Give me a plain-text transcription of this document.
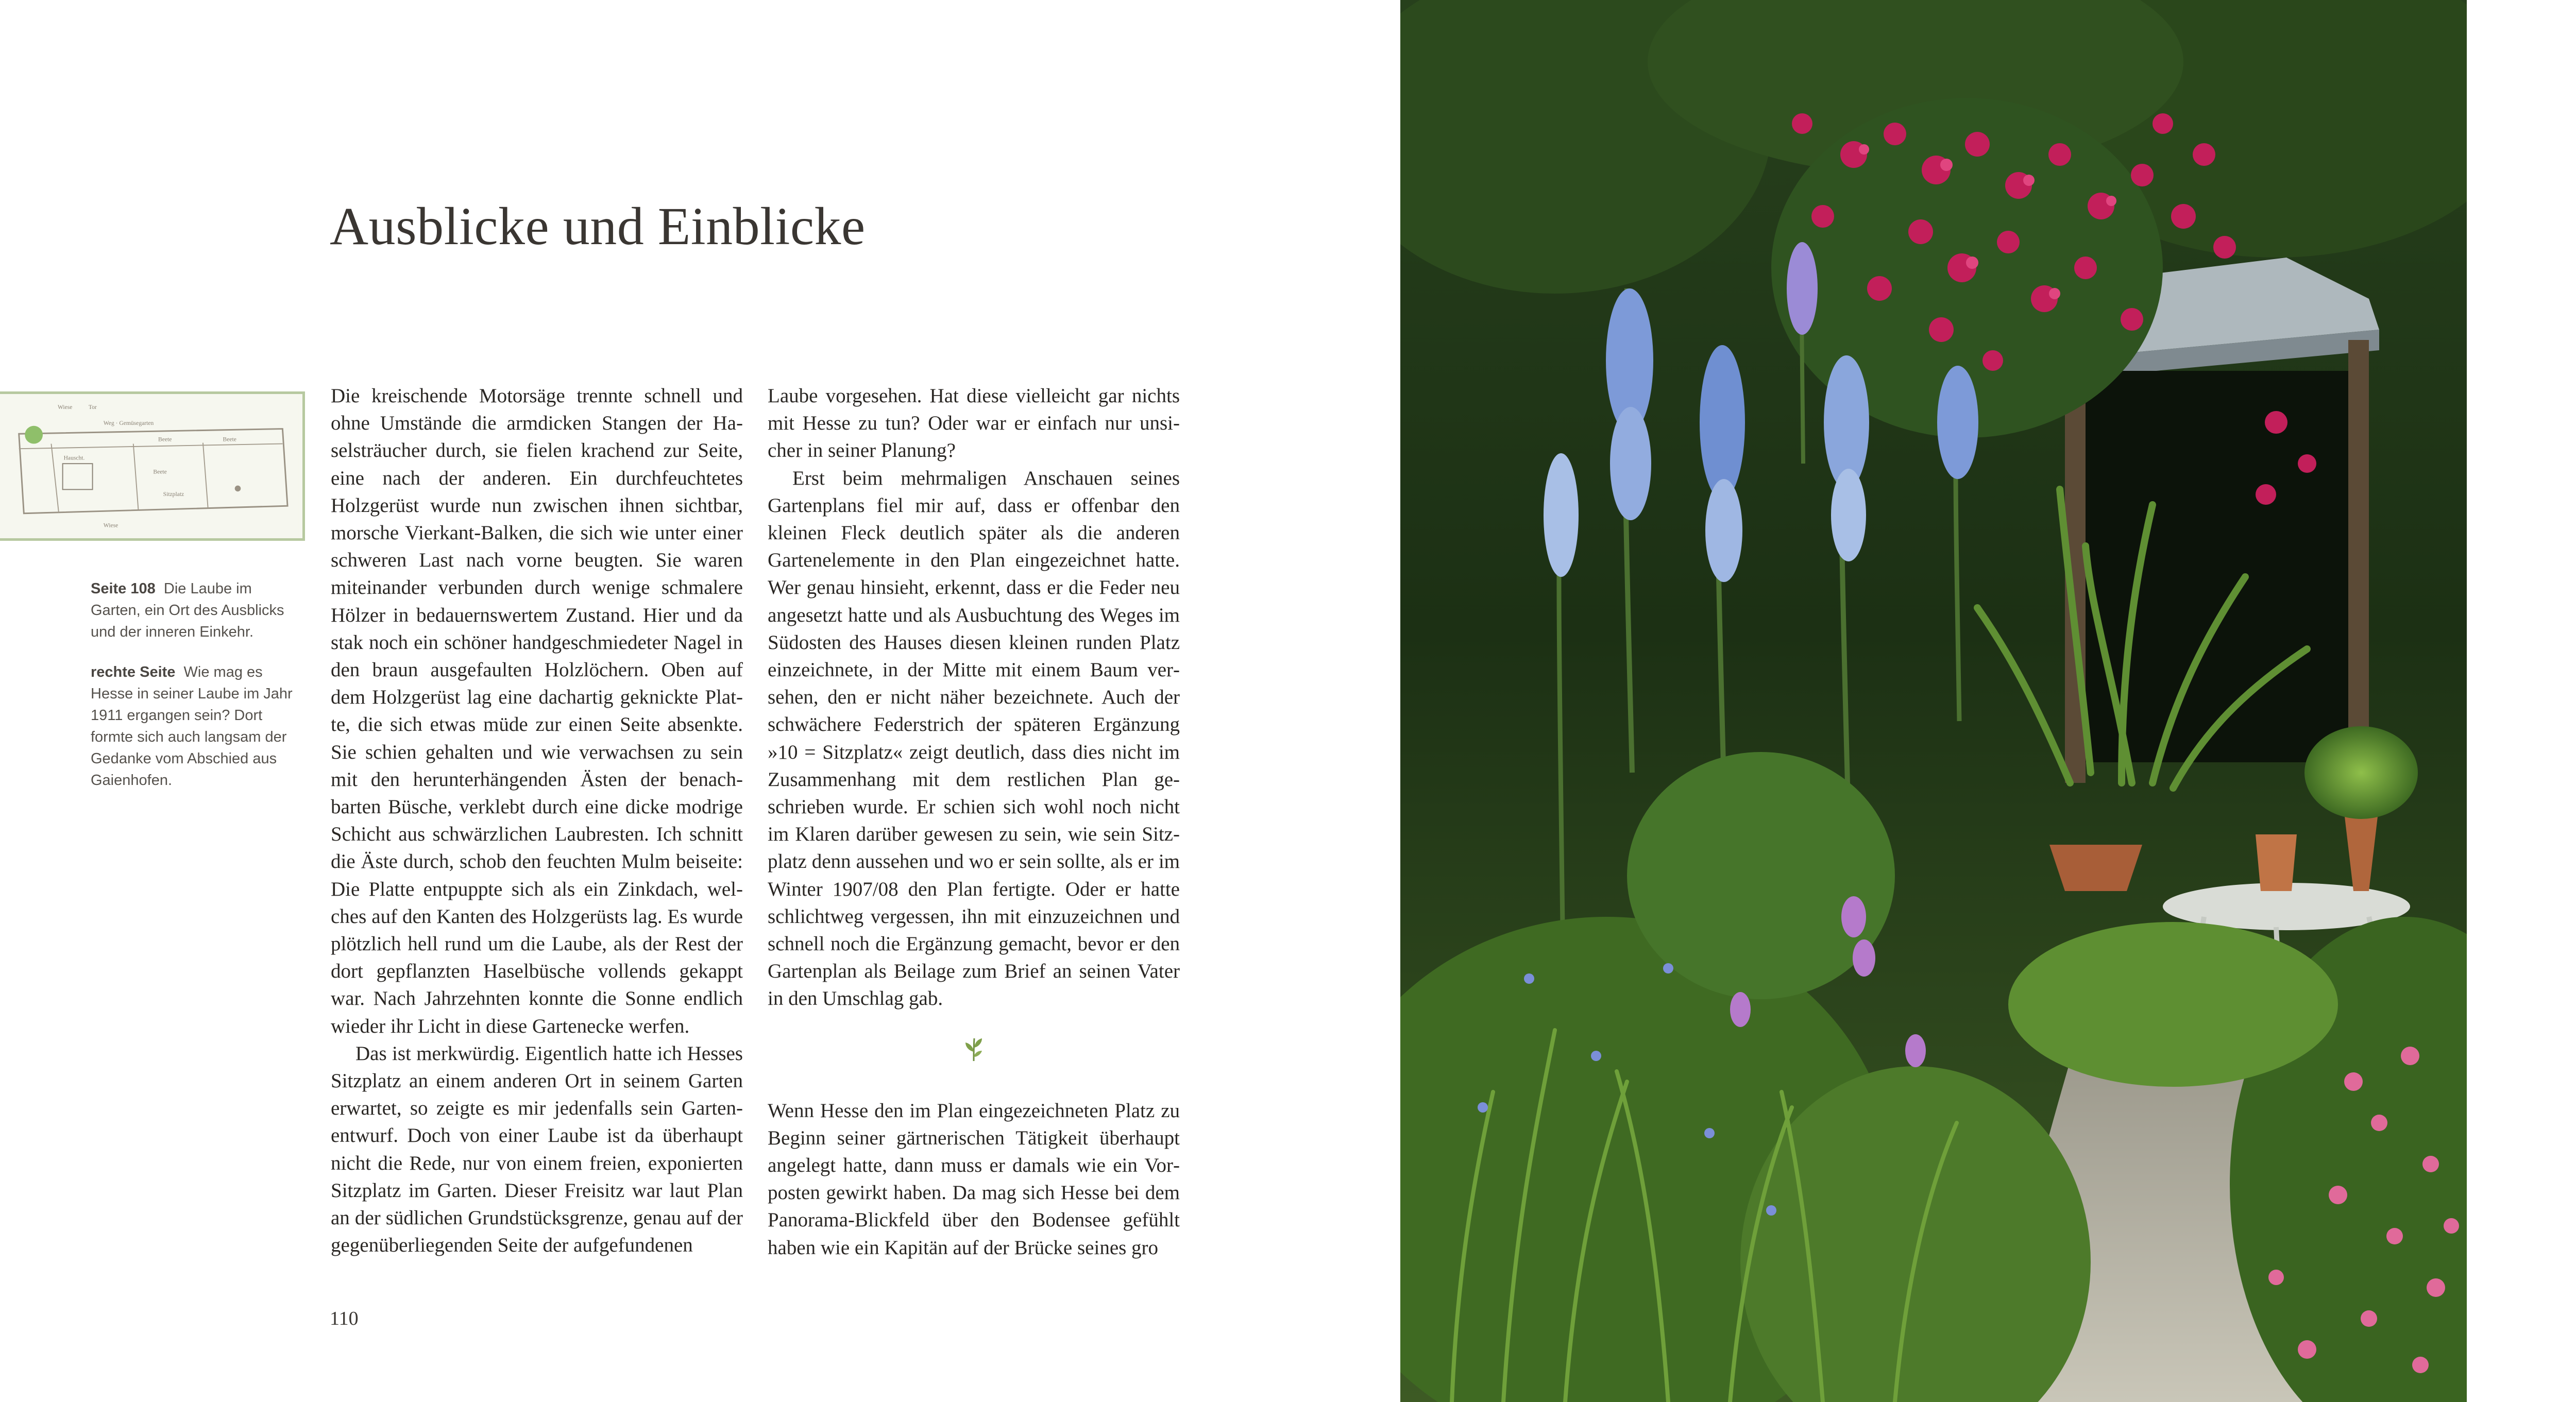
Ausblicke und Einblicke
Wiese	Tor
Weg · Gemüsegarten
Beete	Beete
Hauscht.
Beete
Sitzplatz
Wiese

Seite 108 Die Laube im Garten, ein Ort des Ausblicks und der inneren Einkehr.

rechte Seite Wie mag es Hesse in seiner Laube im Jahr 1911 ergangen sein? Dort formte sich auch langsam der Gedanke vom Abschied aus Gaienhofen.

Die kreischende Motorsäge trennte schnell und ohne Umstände die armdicken Stangen der Haselsträucher durch, sie fielen krachend zur Seite, eine nach der anderen. Ein durchfeuchtetes Holzgerüst wurde nun zwischen ihnen sichtbar, morsche Vierkant-Balken, die sich wie unter einer schweren Last nach vorne beugten. Sie waren miteinander verbunden durch wenige schmalere Hölzer in bedauernswertem Zustand. Hier und da stak noch ein schöner handgeschmiedeter Nagel in den braun ausgefaulten Holzlöchern. Oben auf dem Holzgerüst lag eine dachartig geknickte Platte, die sich etwas müde zur einen Seite absenkte. Sie schien gehalten und wie verwachsen zu sein mit den herunterhängenden Ästen der benachbarten Büsche, verklebt durch eine dicke modrige Schicht aus schwärzlichen Laubresten. Ich schnitt die Äste durch, schob den feuchten Mulm beiseite: Die Platte entpuppte sich als ein Zinkdach, welches auf den Kanten des Holzgerüsts lag. Es wurde plötzlich hell rund um die Laube, als der Rest der dort gepflanzten Haselbüsche vollends gekappt war. Nach Jahrzehnten konnte die Sonne endlich wieder ihr Licht in diese Gartenecke werfen.

Das ist merkwürdig. Eigentlich hatte ich Hesses Sitzplatz an einem anderen Ort in seinem Garten erwartet, so zeigte es mir jedenfalls sein Gartenentwurf. Doch von einer Laube ist da überhaupt nicht die Rede, nur von einem freien, exponierten Sitzplatz im Garten. Dieser Freisitz war laut Plan an der südlichen Grundstücksgrenze, genau auf der gegenüberliegenden Seite der aufgefundenen

Laube vorgesehen. Hat diese vielleicht gar nichts mit Hesse zu tun? Oder war er einfach nur unsicher in seiner Planung?

Erst beim mehrmaligen Anschauen seines Gartenplans fiel mir auf, dass er offenbar den kleinen Fleck deutlich später als die anderen Gartenelemente in den Plan eingezeichnet hatte. Wer genau hinsieht, erkennt, dass er die Feder neu angesetzt hatte und als Ausbuchtung des Weges im Südosten des Hauses diesen kleinen runden Platz einzeichnete, in der Mitte mit einem Baum versehen, den er nicht näher bezeichnete. Auch der schwächere Federstrich der späteren Ergänzung »10 = Sitzplatz« zeigt deutlich, dass dies nicht im Zusammenhang mit dem restlichen Plan geschrieben wurde. Er schien sich wohl noch nicht im Klaren darüber gewesen zu sein, wie sein Sitzplatz denn aussehen und wo er sein sollte, als er im Winter 1907/08 den Plan fertigte. Oder er hatte schlichtweg vergessen, ihn mit einzuzeichnen und schnell noch die Ergänzung gemacht, bevor er den Gartenplan als Beilage zum Brief an seinen Vater in den Umschlag gab.

Wenn Hesse den im Plan eingezeichneten Platz zu Beginn seiner gärtnerischen Tätigkeit überhaupt angelegt hatte, dann muss er damals wie ein Vorposten gewirkt haben. Da mag sich Hesse bei dem Panorama-Blickfeld über den Bodensee gefühlt haben wie ein Kapitän auf der Brücke seines gro

110
